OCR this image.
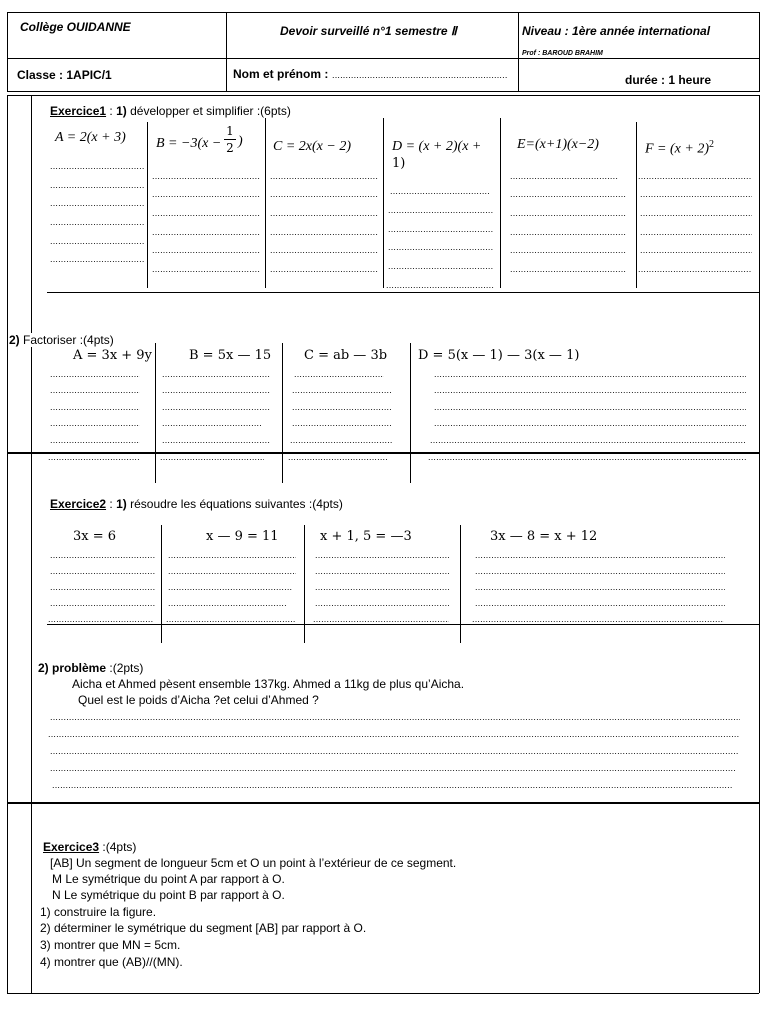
Collège OUIDANNE	Devoir surveillé n°1 semestre Ⅱ	Niveau : 1ère année international
Prof : BAROUD BRAHIM
Classe : 1APIC/1	Nom et prénom :
.....	durée : 1 heure
Exercice1 : 1) développer et simplifier :(6pts)
A = 2(x + 3) B = −3(x −
1
2 ) C = 2x(x − 2)	D = (x + 2)(x +
1)
E=(x+1)(x−2)	$F = (x + 2)^2$
.....
.....
.....
.....
.....
.....
.....
.....
.....
.....
.....
.....
.....
.....
.....
.....
.....
.....
.....
.....
.....
.....
.....
.....
.....
.....
.....
.....
.....
.....
.....
.....
.....
.....
.....
.....
2) Factoriser :(4pts)
A = 3x + 9y	B = 5x — 15	C = ab — 3b D = 5(x — 1) — 3(x — 1)
.....
.....
.....
.....
.....
.....
.....
.....
.....
.....
.....
.....
.....
.....
.....
.....
.....
.....
.....
.....
.....
.....
.....
.....
Exercice2 : 1) résoudre les équations suivantes :(4pts)
3x = 6	x — 9 = 11	x + 1, 5 = —3	3x — 8 = x + 12
.....
.....
.....
.....
.....
.....
.....
.....
.....
.....
.....
.....
.....
.....
.....
.....
.....
.....
.....
.....
2) problème :(2pts)
Aicha et Ahmed pèsent ensemble 137kg. Ahmed a 11kg de plus qu’Aicha.
Quel est le poids d’Aicha ?et celui d’Ahmed ?
.....
.....
.....
.....
.....
.....
Exercice3 :(4pts)
[AB] Un segment de longueur 5cm et O un point à l’extérieur de ce segment.
M Le symétrique du point A par rapport à O.
N Le symétrique du point B par rapport à O.
1) construire la figure.
2) déterminer le symétrique du segment [AB] par rapport à O.
3) montrer que MN = 5cm.
4) montrer que (AB)//(MN).
